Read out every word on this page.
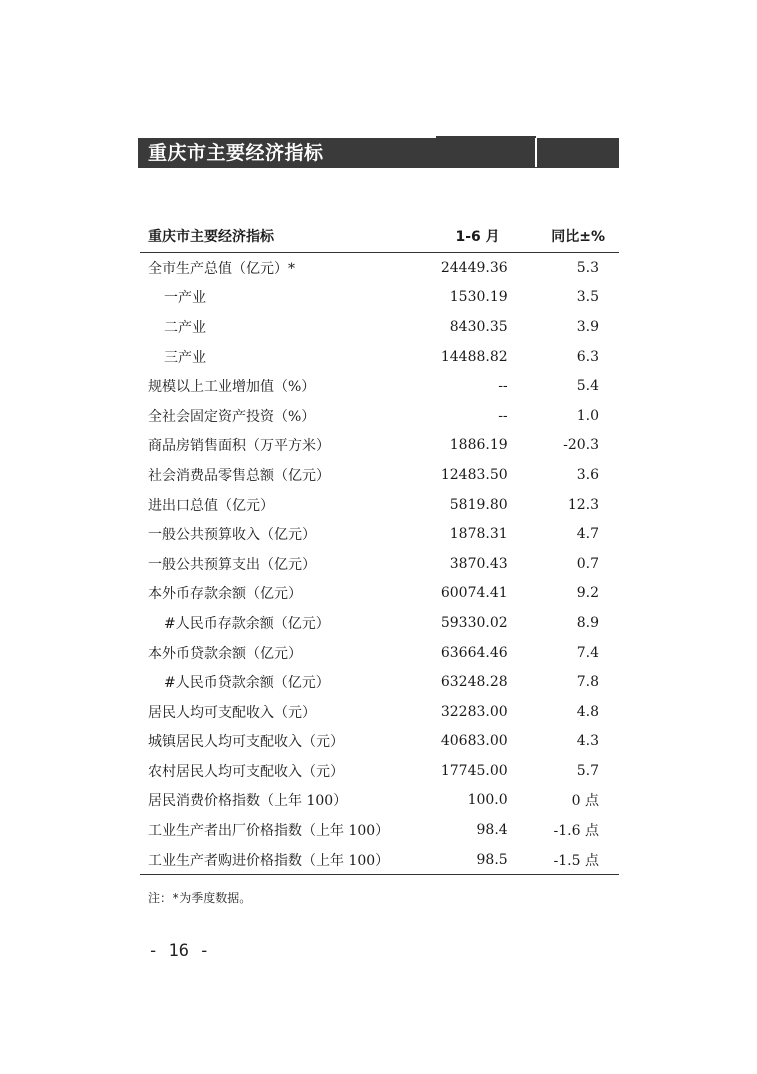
重庆市主要经济指标
重庆市主要经济指标	1-6 月	同比±%
全市生产总值（亿元）*	24449.36	5.3
一产业	1530.19	3.5
二产业	8430.35	3.9
三产业	14488.82	6.3
规模以上工业增加值（%）	--	5.4
全社会固定资产投资（%）	--	1.0
商品房销售面积（万平方米）	1886.19	-20.3
社会消费品零售总额（亿元）	12483.50	3.6
进出口总值（亿元）	5819.80	12.3
一般公共预算收入（亿元）	1878.31	4.7
一般公共预算支出（亿元）	3870.43	0.7
本外币存款余额（亿元）	60074.41	9.2
#人民币存款余额（亿元）	59330.02	8.9
本外币贷款余额（亿元）	63664.46	7.4
#人民币贷款余额（亿元）	63248.28	7.8
居民人均可支配收入（元）	32283.00	4.8
城镇居民人均可支配收入（元）	40683.00	4.3
农村居民人均可支配收入（元）	17745.00	5.7
居民消费价格指数（上年 100）	100.0	0 点
工业生产者出厂价格指数（上年 100）	98.4	-1.6 点
工业生产者购进价格指数（上年 100）	98.5	-1.5 点
注：*为季度数据。
- 16 -
